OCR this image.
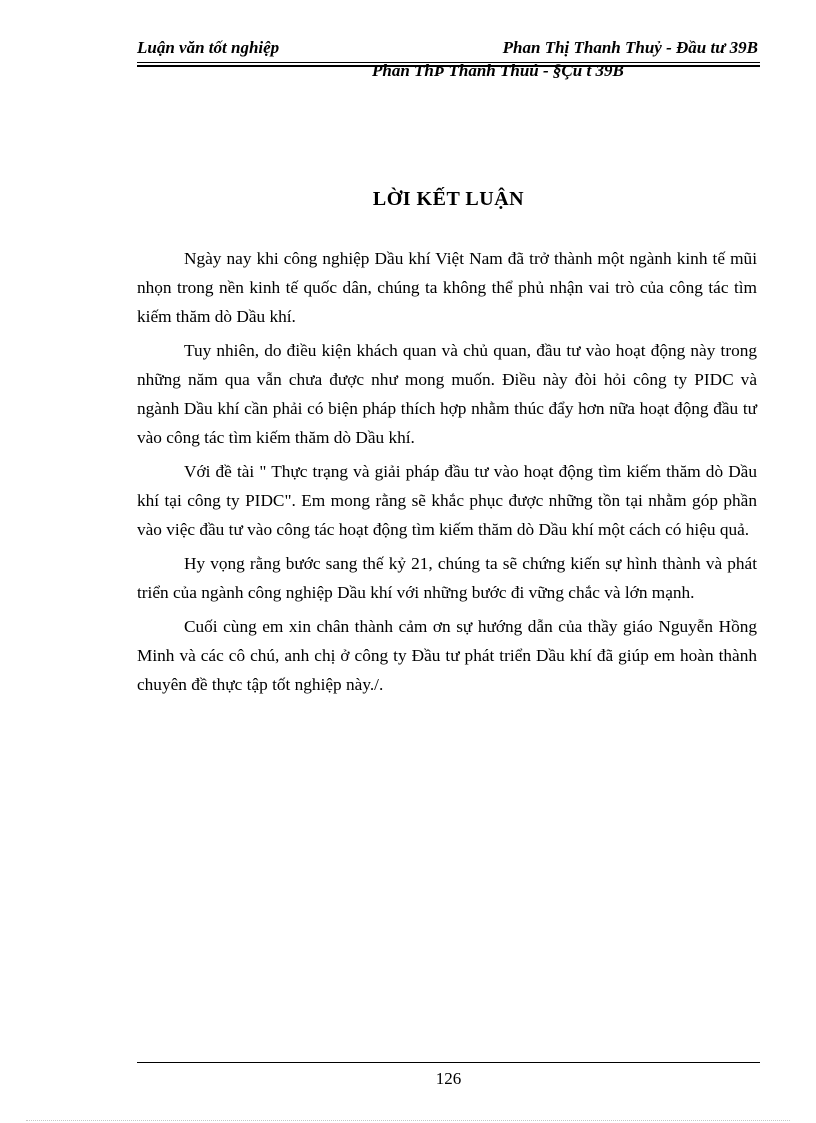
Luận văn tốt nghiệp	Phan Thị Thanh Thuỷ - Đầu tư 39B
Phan ThÞ Thanh Thuú - §Çu t 39B
LỜI KẾT LUẬN

Ngày nay khi công nghiệp Dầu khí Việt Nam đã trở thành một ngành kinh tế mũi nhọn trong nền kinh tế quốc dân, chúng ta không thể phủ nhận vai trò của công tác tìm kiếm thăm dò Dầu khí.

Tuy nhiên, do điều kiện khách quan và chủ quan, đầu tư vào hoạt động này trong những năm qua vẫn chưa được như mong muốn. Điều này đòi hỏi công ty PIDC và ngành Dầu khí cần phải có biện pháp thích hợp nhằm thúc đẩy hơn nữa hoạt động đầu tư vào công tác tìm kiếm thăm dò Dầu khí.

Với đề tài " Thực trạng và giải pháp đầu tư vào hoạt động tìm kiếm thăm dò Dầu khí tại công ty PIDC". Em mong rằng sẽ khắc phục được những tồn tại nhằm góp phần vào việc đầu tư vào công tác hoạt động tìm kiếm thăm dò Dầu khí một cách có hiệu quả.

Hy vọng rằng bước sang thế kỷ 21, chúng ta sẽ chứng kiến sự hình thành và phát triển của ngành công nghiệp Dầu khí với những bước đi vững chắc và lớn mạnh.

Cuối cùng em xin chân thành cảm ơn sự hướng dẫn của thầy giáo Nguyễn Hồng Minh và các cô chú, anh chị ở công ty Đầu tư phát triển Dầu khí đã giúp em hoàn thành chuyên đề thực tập tốt nghiệp này./.

126
